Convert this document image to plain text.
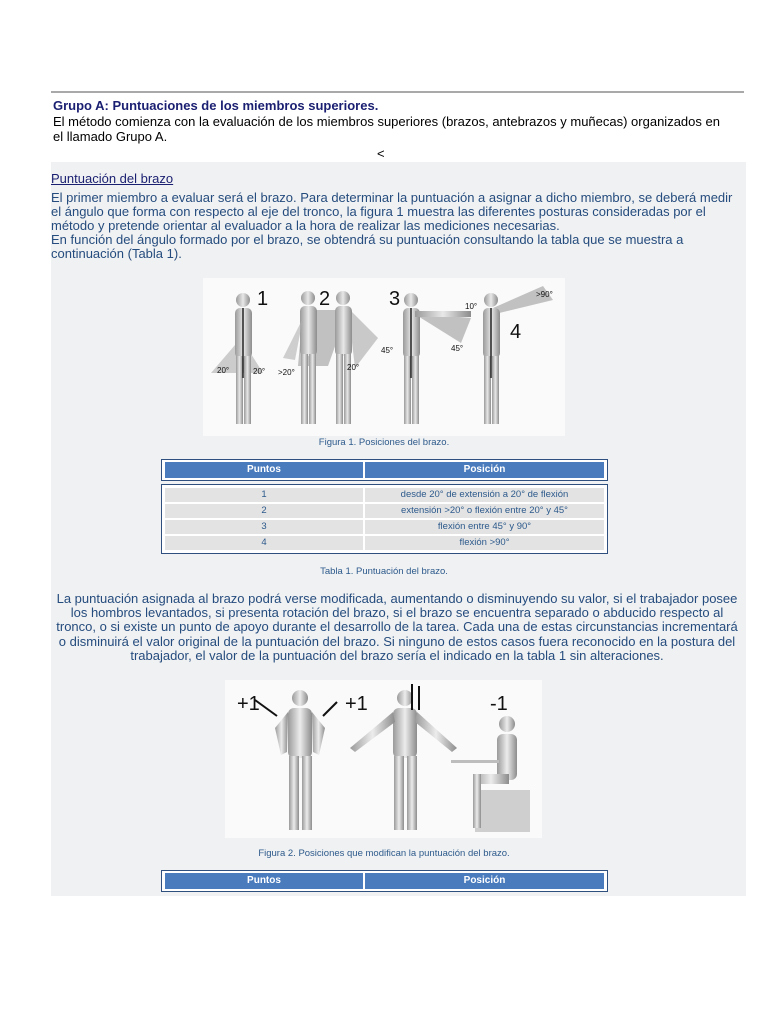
Grupo A: Puntuaciones de los miembros superiores.
El método comienza con la evaluación de los miembros superiores (brazos, antebrazos y muñecas) organizados en el llamado Grupo A.
<
Puntuación del brazo

El primer miembro a evaluar será el brazo. Para determinar la puntuación a asignar a dicho miembro, se deberá medir el ángulo que forma con respecto al eje del tronco, la figura 1 muestra las diferentes posturas consideradas por el método y pretende orientar al evaluador a la hora de realizar las mediciones necesarias.

En función del ángulo formado por el brazo, se obtendrá su puntuación consultando la tabla que se muestra a continuación (Tabla 1).

1	2	3
4
20°	20° >20°
20°
45°	45°
10°
>90°
Figura 1. Posiciones del brazo.
Puntos	Posición
1	desde 20° de extensión a 20° de flexión
2	extensión >20° o flexión entre 20° y 45°
3	flexión entre 45° y 90°
4	flexión >90°
Tabla 1. Puntuación del brazo.
La puntuación asignada al brazo podrá verse modificada, aumentando o disminuyendo su valor, si el trabajador posee los hombros levantados, si presenta rotación del brazo, si el brazo se encuentra separado o abducido respecto al tronco, o si existe un punto de apoyo durante el desarrollo de la tarea. Cada una de estas circunstancias incrementará o disminuirá el valor original de la puntuación del brazo. Si ninguno de estos casos fuera reconocido en la postura del trabajador, el valor de la puntuación del brazo sería el indicado en la tabla 1 sin alteraciones.
+1	+1	-1
Figura 2. Posiciones que modifican la puntuación del brazo.
Puntos	Posición
